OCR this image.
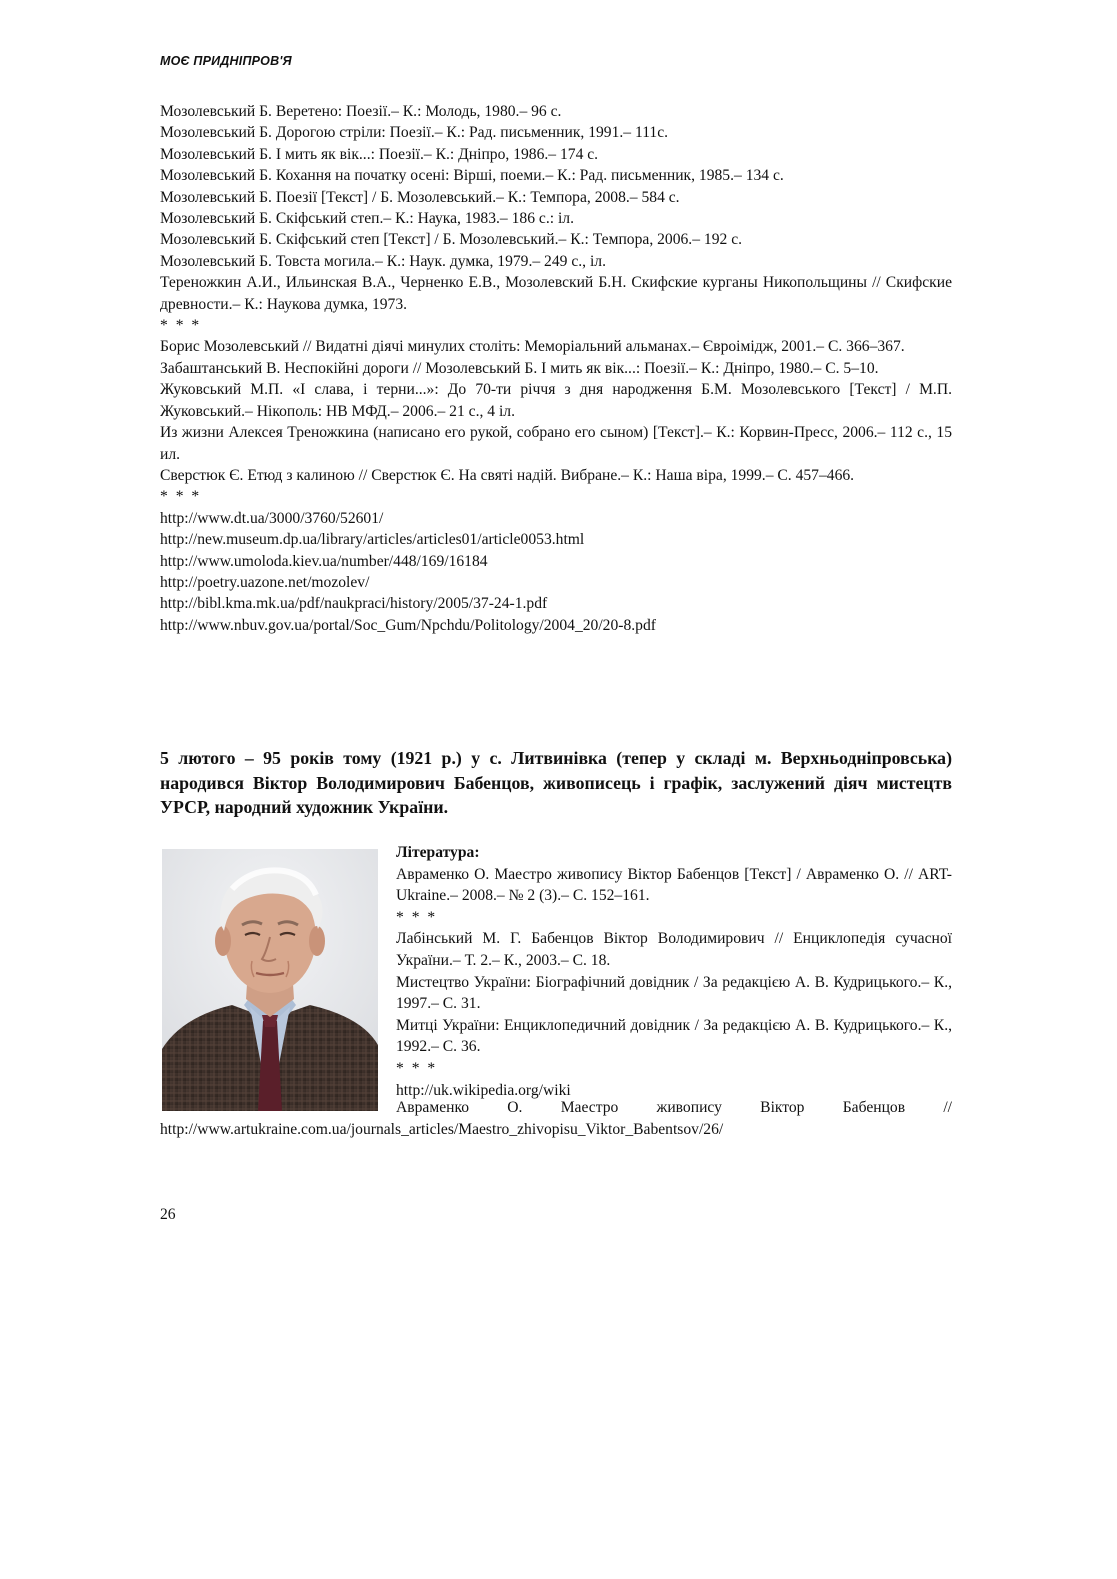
МОЄ ПРИДНІПРОВ'Я

Мозолевський Б. Веретено: Поезії.– К.: Молодь, 1980.– 96 с.

Мозолевський Б. Дорогою стріли: Поезії.– К.: Рад. письменник, 1991.– 111с.

Мозолевський Б. І мить як вік...: Поезії.– К.: Дніпро, 1986.– 174 с.

Мозолевський Б. Кохання на початку осені: Вірші, поеми.– К.: Рад. письменник, 1985.– 134 с.

Мозолевський Б. Поезії [Текст] / Б. Мозолевський.– К.: Темпора, 2008.– 584 с.

Мозолевський Б. Скіфський степ.– К.: Наука, 1983.– 186 с.: іл.

Мозолевський Б. Скіфський степ [Текст] / Б. Мозолевський.– К.: Темпора, 2006.– 192 с.

Мозолевський Б. Товста могила.– К.: Наук. думка, 1979.– 249 с., іл.

Тереножкин А.И., Ильинская В.А., Черненко Е.В., Мозолевский Б.Н. Скифские курганы Никопольщины // Скифские древности.– К.: Наукова думка, 1973.

* * *

Борис Мозолевський // Видатні діячі минулих століть: Меморіальний альманах.– Євроімідж, 2001.– С. 366–367.

Забаштанський В. Неспокійні дороги // Мозолевський Б. І мить як вік...: Поезії.– К.: Дніпро, 1980.– С. 5–10.

Жуковський М.П. «І слава, і терни...»: До 70-ти річчя з дня народження Б.М. Мозолевського [Текст] / М.П. Жуковський.– Нікополь: НВ МФД.– 2006.– 21 с., 4 іл.

Из жизни Алексея Треножкина (написано его рукой, собрано его сыном) [Текст].– К.: Корвин-Пресс, 2006.– 112 с., 15 ил.

Сверстюк Є. Етюд з калиною // Сверстюк Є. На святі надій. Вибране.– К.: Наша віра, 1999.– С. 457–466.

* * *

http://www.dt.ua/3000/3760/52601/

http://new.museum.dp.ua/library/articles/articles01/article0053.html

http://www.umoloda.kiev.ua/number/448/169/16184

http://poetry.uazone.net/mozolev/

http://bibl.kma.mk.ua/pdf/naukpraci/history/2005/37-24-1.pdf

http://www.nbuv.gov.ua/portal/Soc_Gum/Npchdu/Politology/2004_20/20-8.pdf

5 лютого – 95 років тому (1921 р.) у с. Литвинівка (тепер у складі м. Верхньодніпровська) народився Віктор Володимирович Бабенцов, живописець і графік, заслужений діяч мистецтв УРСР, народний художник України.

Література:

Авраменко О. Маестро живопису Віктор Бабенцов [Текст] / Авраменко О. // ART-Ukraine.– 2008.– № 2 (3).– С. 152–161.

* * *

Лабінський М. Г. Бабенцов Віктор Володимирович // Енциклопедія сучасної України.– Т. 2.– К., 2003.– С. 18.

Мистецтво України: Біографічний довідник / За редакцією А. В. Кудрицького.– К., 1997.– С. 31.

Митці України: Енциклопедичний довідник / За редакцією А. В. Кудрицького.– К., 1992.– С. 36.

* * *

http://uk.wikipedia.org/wiki

Авраменко О. Маестро живопису Віктор Бабенцов //

http://www.artukraine.com.ua/journals_articles/Maestro_zhivopisu_Viktor_Babentsov/26/

26
